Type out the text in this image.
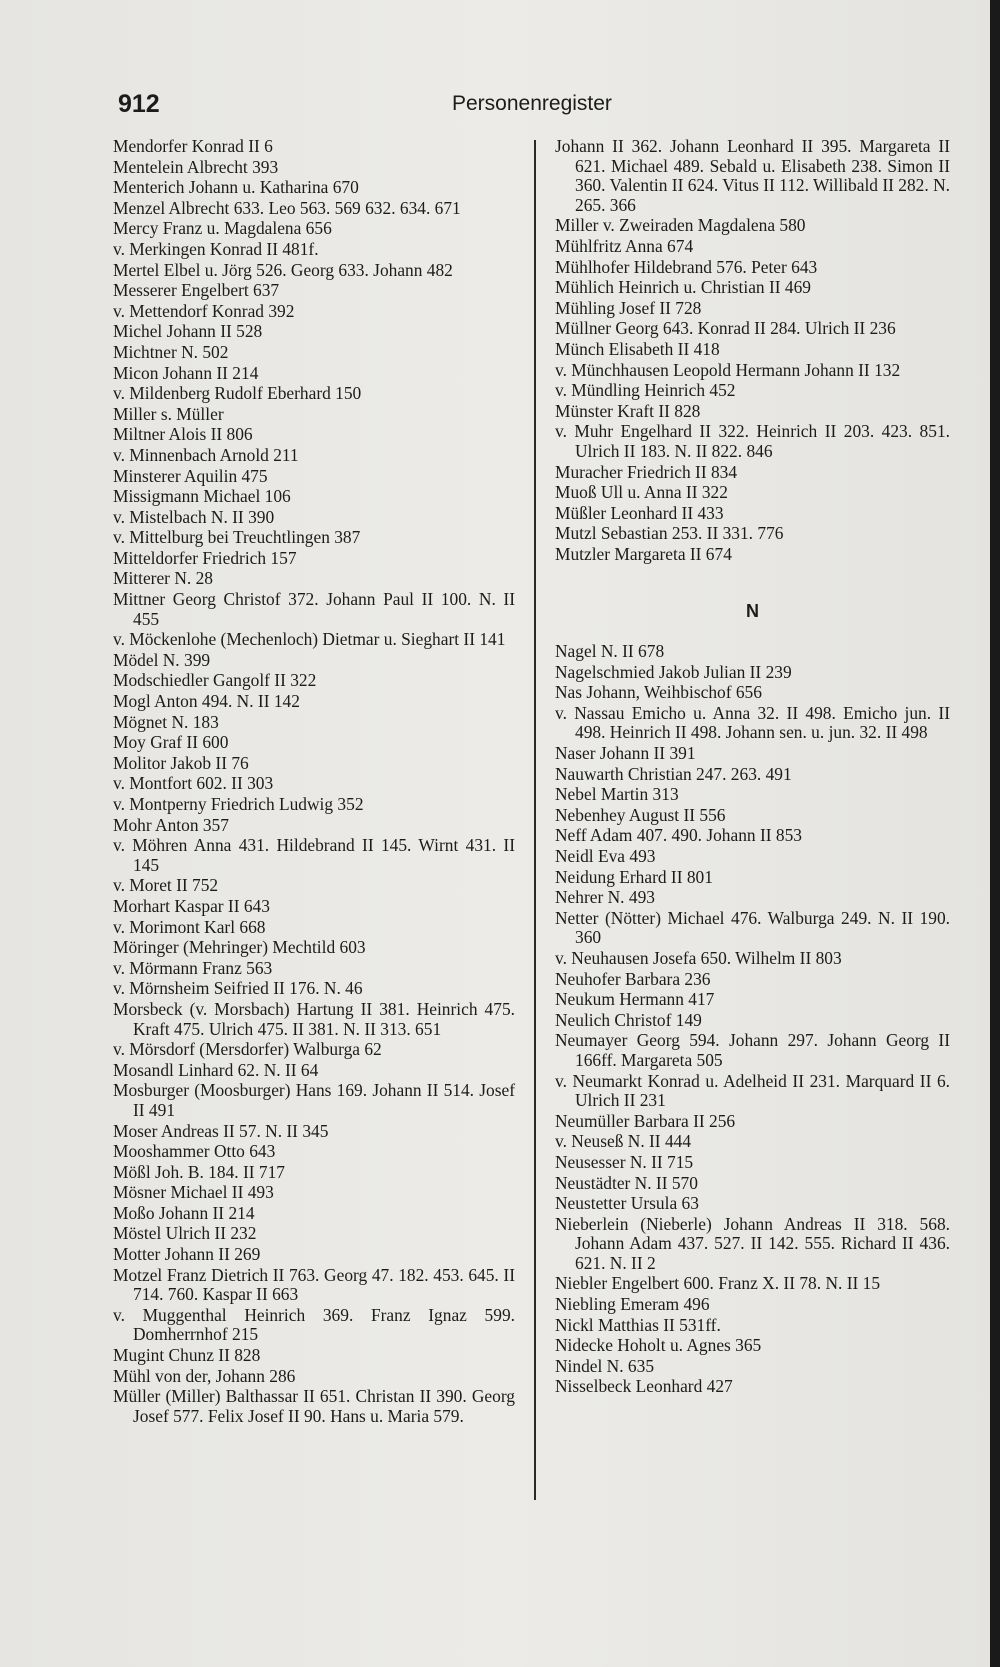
912	Personenregister
Mendorfer Konrad II 6
Mentelein Albrecht 393
Menterich Johann u. Katharina 670
Menzel Albrecht 633. Leo 563. 569 632. 634. 671
Mercy Franz u. Magdalena 656
v. Merkingen Konrad II 481f.
Mertel Elbel u. Jörg 526. Georg 633. Johann 482
Messerer Engelbert 637
v. Mettendorf Konrad 392
Michel Johann II 528
Michtner N. 502
Micon Johann II 214
v. Mildenberg Rudolf Eberhard 150
Miller s. Müller
Miltner Alois II 806
v. Minnenbach Arnold 211
Minsterer Aquilin 475
Missigmann Michael 106
v. Mistelbach N. II 390
v. Mittelburg bei Treuchtlingen 387
Mitteldorfer Friedrich 157
Mitterer N. 28
Mittner Georg Christof 372. Johann Paul II 100. N. II 455
v. Möckenlohe (Mechenloch) Dietmar u. Sieghart II 141
Mödel N. 399
Modschiedler Gangolf II 322
Mogl Anton 494. N. II 142
Mögnet N. 183
Moy Graf II 600
Molitor Jakob II 76
v. Montfort 602. II 303
v. Montperny Friedrich Ludwig 352
Mohr Anton 357
v. Möhren Anna 431. Hildebrand II 145. Wirnt 431. II 145
v. Moret II 752
Morhart Kaspar II 643
v. Morimont Karl 668
Möringer (Mehringer) Mechtild 603
v. Mörmann Franz 563
v. Mörnsheim Seifried II 176. N. 46
Morsbeck (v. Morsbach) Hartung II 381. Heinrich 475. Kraft 475. Ulrich 475. II 381. N. II 313. 651
v. Mörsdorf (Mersdorfer) Walburga 62
Mosandl Linhard 62. N. II 64
Mosburger (Moosburger) Hans 169. Johann II 514. Josef II 491
Moser Andreas II 57. N. II 345
Mooshammer Otto 643
Mößl Joh. B. 184. II 717
Mösner Michael II 493
Moßo Johann II 214
Möstel Ulrich II 232
Motter Johann II 269
Motzel Franz Dietrich II 763. Georg 47. 182. 453. 645. II 714. 760. Kaspar II 663
v. Muggenthal Heinrich 369. Franz Ignaz 599. Domherrnhof 215
Mugint Chunz II 828
Mühl von der, Johann 286
Müller (Miller) Balthassar II 651. Christan II 390. Georg Josef 577. Felix Josef II 90. Hans u. Maria 579.
Johann II 362. Johann Leonhard II 395. Margareta II 621. Michael 489. Sebald u. Elisabeth 238. Simon II 360. Valentin II 624. Vitus II 112. Willibald II 282. N. 265. 366
Miller v. Zweiraden Magdalena 580
Mühlfritz Anna 674
Mühlhofer Hildebrand 576. Peter 643
Mühlich Heinrich u. Christian II 469
Mühling Josef II 728
Müllner Georg 643. Konrad II 284. Ulrich II 236
Münch Elisabeth II 418
v. Münchhausen Leopold Hermann Johann II 132
v. Mündling Heinrich 452
Münster Kraft II 828
v. Muhr Engelhard II 322. Heinrich II 203. 423. 851. Ulrich II 183. N. II 822. 846
Muracher Friedrich II 834
Muoß Ull u. Anna II 322
Müßler Leonhard II 433
Mutzl Sebastian 253. II 331. 776
Mutzler Margareta II 674
N
Nagel N. II 678
Nagelschmied Jakob Julian II 239
Nas Johann, Weihbischof 656
v. Nassau Emicho u. Anna 32. II 498. Emicho jun. II 498. Heinrich II 498. Johann sen. u. jun. 32. II 498
Naser Johann II 391
Nauwarth Christian 247. 263. 491
Nebel Martin 313
Nebenhey August II 556
Neff Adam 407. 490. Johann II 853
Neidl Eva 493
Neidung Erhard II 801
Nehrer N. 493
Netter (Nötter) Michael 476. Walburga 249. N. II 190. 360
v. Neuhausen Josefa 650. Wilhelm II 803
Neuhofer Barbara 236
Neukum Hermann 417
Neulich Christof 149
Neumayer Georg 594. Johann 297. Johann Georg II 166ff. Margareta 505
v. Neumarkt Konrad u. Adelheid II 231. Marquard II 6. Ulrich II 231
Neumüller Barbara II 256
v. Neuseß N. II 444
Neusesser N. II 715
Neustädter N. II 570
Neustetter Ursula 63
Nieberlein (Nieberle) Johann Andreas II 318. 568. Johann Adam 437. 527. II 142. 555. Richard II 436. 621. N. II 2
Niebler Engelbert 600. Franz X. II 78. N. II 15
Niebling Emeram 496
Nickl Matthias II 531ff.
Nidecke Hoholt u. Agnes 365
Nindel N. 635
Nisselbeck Leonhard 427
